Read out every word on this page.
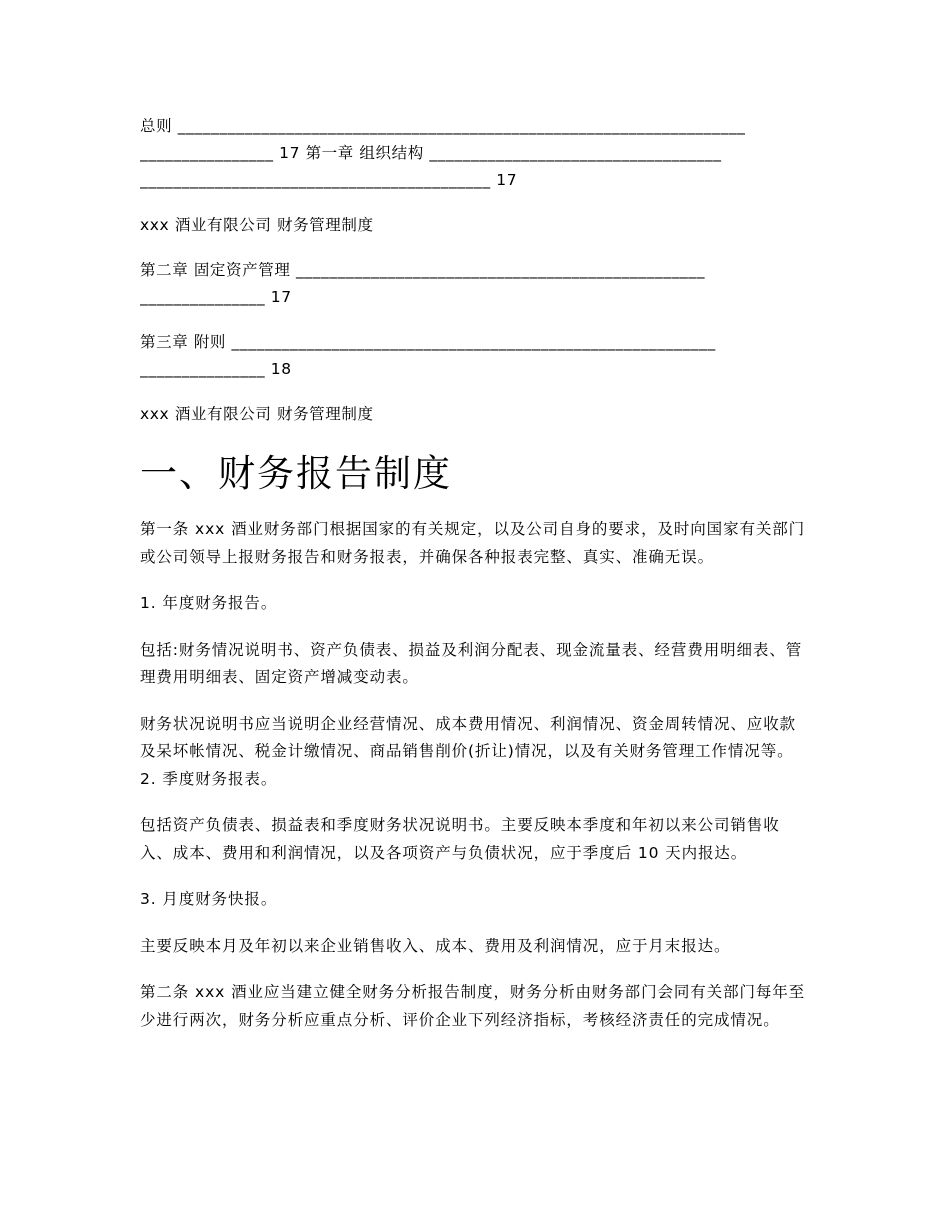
总则 ____________________________________________________________________
________________ 17 第一章 组织结构 ___________________________________
__________________________________________ 17
xxx 酒业有限公司 财务管理制度
第二章 固定资产管理 _________________________________________________
_______________ 17
第三章 附则 __________________________________________________________
_______________ 18
xxx 酒业有限公司 财务管理制度
一、财务报告制度

第一条 xxx 酒业财务部门根据国家的有关规定，以及公司自身的要求，及时向国家有关部门或公司领导上报财务报告和财务报表，并确保各种报表完整、真实、准确无误。

1. 年度财务报告。

包括:财务情况说明书、资产负债表、损益及利润分配表、现金流量表、经营费用明细表、管理费用明细表、固定资产增减变动表。

财务状况说明书应当说明企业经营情况、成本费用情况、利润情况、资金周转情况、应收款及呆坏帐情况、税金计缴情况、商品销售削价(折让)情况，以及有关财务管理工作情况等。 2. 季度财务报表。

包括资产负债表、损益表和季度财务状况说明书。主要反映本季度和年初以来公司销售收入、成本、费用和利润情况，以及各项资产与负债状况，应于季度后 10 天内报达。

3. 月度财务快报。

主要反映本月及年初以来企业销售收入、成本、费用及利润情况，应于月末报达。

第二条 xxx 酒业应当建立健全财务分析报告制度，财务分析由财务部门会同有关部门每年至少进行两次，财务分析应重点分析、评价企业下列经济指标，考核经济责任的完成情况。
